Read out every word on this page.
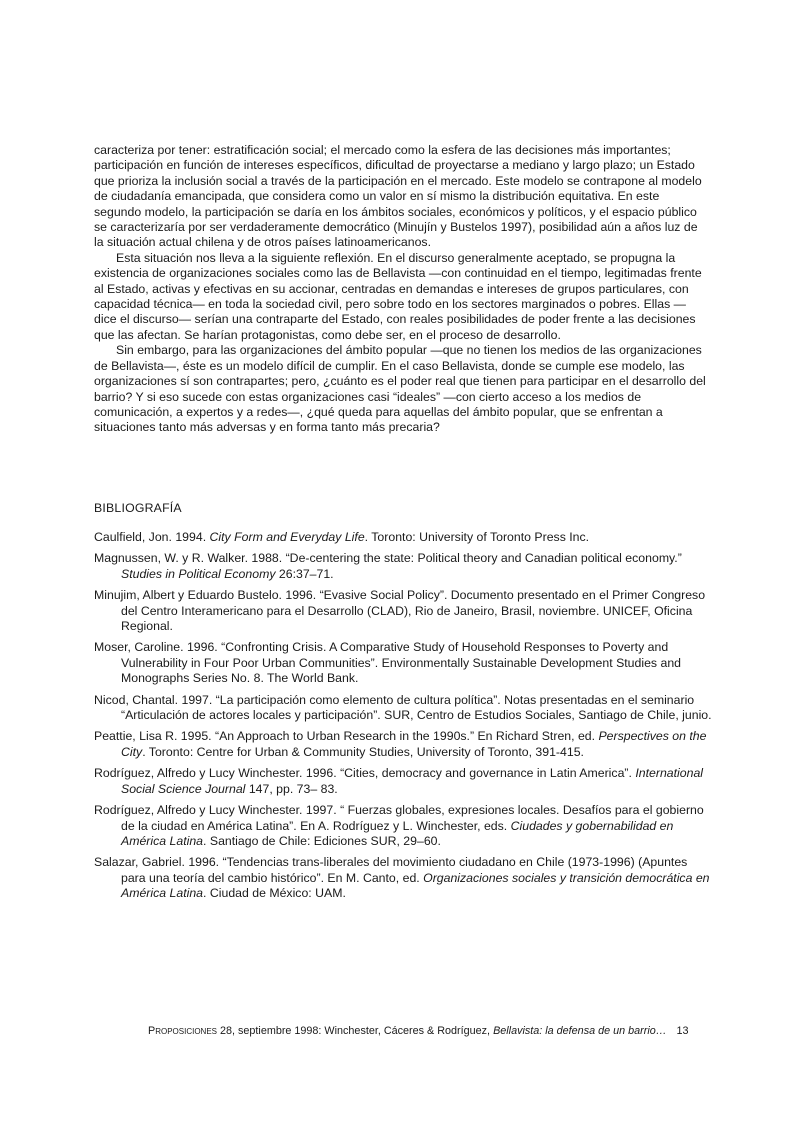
caracteriza por tener: estratificación social; el mercado como la esfera de las decisiones más importantes; participación en función de intereses específicos, dificultad de proyectarse a mediano y largo plazo; un Estado que prioriza la inclusión social a través de la participación en el mercado. Este modelo se contrapone al modelo de ciudadanía emancipada, que considera como un valor en sí mismo la distribución equitativa. En este segundo modelo, la participación se daría en los ámbitos sociales, económicos y políticos, y el espacio público se caracterizaría por ser verdaderamente democrático (Minujín y Bustelos 1997), posibilidad aún a años luz de la situación actual chilena y de otros países latinoamericanos.

Esta situación nos lleva a la siguiente reflexión. En el discurso generalmente aceptado, se propugna la existencia de organizaciones sociales como las de Bellavista —con continuidad en el tiempo, legitimadas frente al Estado, activas y efectivas en su accionar, centradas en demandas e intereses de grupos particulares, con capacidad técnica— en toda la sociedad civil, pero sobre todo en los sectores marginados o pobres. Ellas —dice el discurso— serían una contraparte del Estado, con reales posibilidades de poder frente a las decisiones que las afectan. Se harían protagonistas, como debe ser, en el proceso de desarrollo.

Sin embargo, para las organizaciones del ámbito popular —que no tienen los medios de las organizaciones de Bellavista—, éste es un modelo difícil de cumplir. En el caso Bellavista, donde se cumple ese modelo, las organizaciones sí son contrapartes; pero, ¿cuánto es el poder real que tienen para participar en el desarrollo del barrio? Y si eso sucede con estas organizaciones casi “ideales” —con cierto acceso a los medios de comunicación, a expertos y a redes—, ¿qué queda para aquellas del ámbito popular, que se enfrentan a situaciones tanto más adversas y en forma tanto más precaria?

BIBLIOGRAFÍA

Caulfield, Jon. 1994. City Form and Everyday Life. Toronto: University of Toronto Press Inc.

Magnussen, W. y R. Walker. 1988. “De-centering the state: Political theory and Canadian political economy.” Studies in Political Economy 26:37–71.

Minujim, Albert y Eduardo Bustelo. 1996. “Evasive Social Policy”. Documento presentado en el Primer Congreso del Centro Interamericano para el Desarrollo (CLAD), Rio de Janeiro, Brasil, noviembre. UNICEF, Oficina Regional.

Moser, Caroline. 1996. “Confronting Crisis. A Comparative Study of Household Responses to Poverty and Vulnerability in Four Poor Urban Communities”. Environmentally Sustainable Development Studies and Monographs Series No. 8. The World Bank.

Nicod, Chantal. 1997. “La participación como elemento de cultura política”. Notas presentadas en el seminario “Articulación de actores locales y participación”. SUR, Centro de Estudios Sociales, Santiago de Chile, junio.

Peattie, Lisa R. 1995. “An Approach to Urban Research in the 1990s.” En Richard Stren, ed. Perspectives on the City. Toronto: Centre for Urban & Community Studies, University of Toronto, 391-415.

Rodríguez, Alfredo y Lucy Winchester. 1996. “Cities, democracy and governance in Latin America”. International Social Science Journal 147, pp. 73– 83.

Rodríguez, Alfredo y Lucy Winchester. 1997. “ Fuerzas globales, expresiones locales. Desafíos para el gobierno de la ciudad en América Latina”. En A. Rodríguez y L. Winchester, eds. Ciudades y gobernabilidad en América Latina. Santiago de Chile: Ediciones SUR, 29–60.

Salazar, Gabriel. 1996. “Tendencias trans-liberales del movimiento ciudadano en Chile (1973-1996) (Apuntes para una teoría del cambio histórico”. En M. Canto, ed. Organizaciones sociales y transición democrática en América Latina. Ciudad de México: UAM.

Proposiciones 28, septiembre 1998: Winchester, Cáceres & Rodríguez, Bellavista: la defensa de un barrio… 13
